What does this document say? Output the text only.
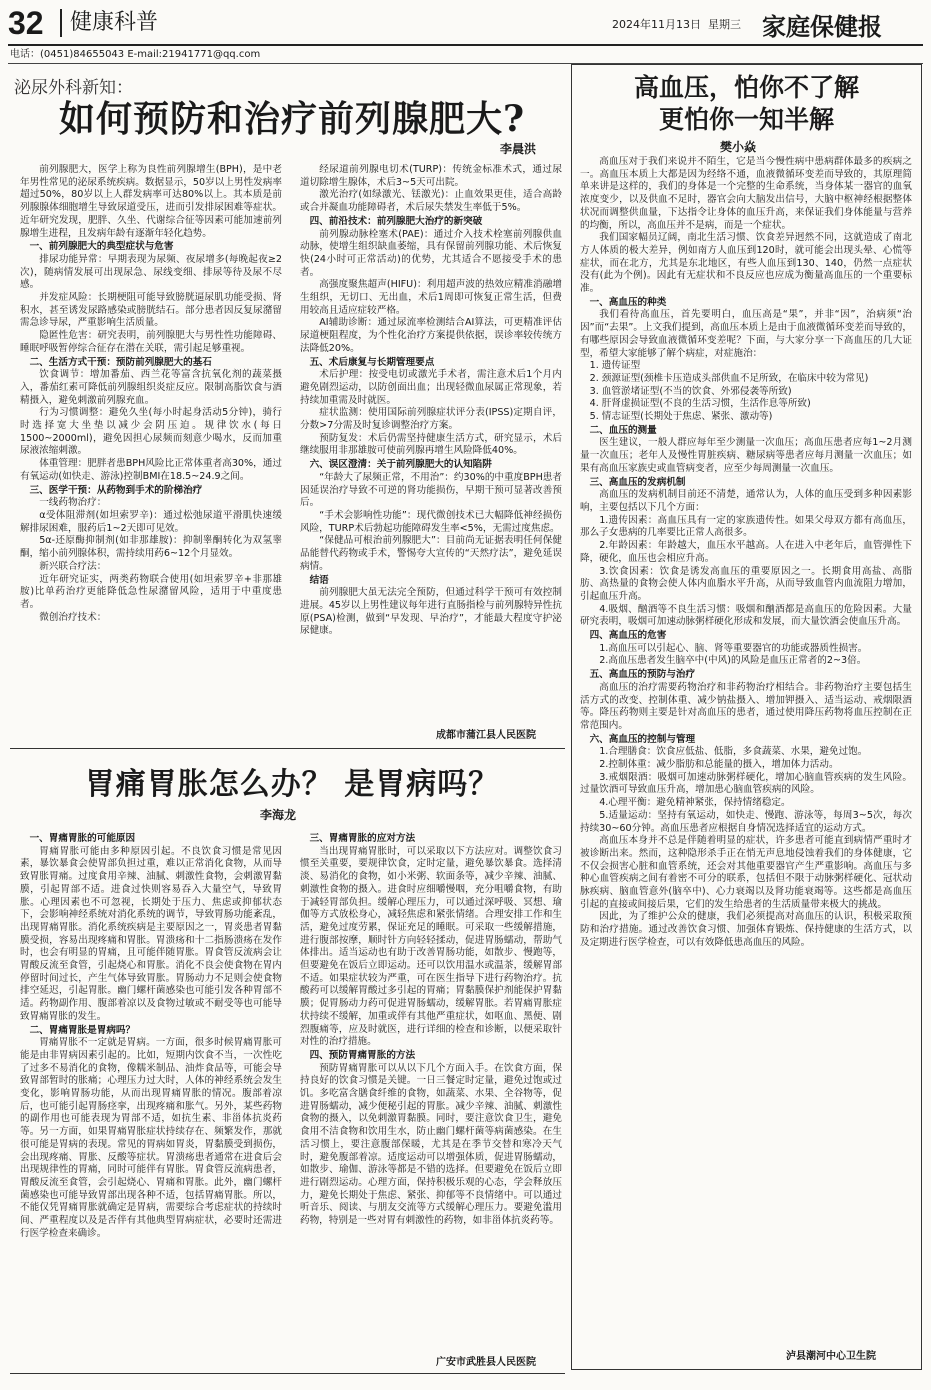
32 健康科普	2024年11月13日 星期三 家庭保健报
电话：(0451)84655043 E-mail:21941771@qq.com
泌尿外科新知：
如何预防和治疗前列腺肥大?
李晨洪

前列腺肥大，医学上称为良性前列腺增生(BPH)，是中老年男性常见的泌尿系统疾病。数据显示，50岁以上男性发病率超过50%，80岁以上人群发病率可达80%以上。其本质是前列腺腺体细胞增生导致尿道受压，进而引发排尿困难等症状。近年研究发现，肥胖、久坐、代谢综合征等因素可能加速前列腺增生进程，且发病年龄有逐渐年轻化趋势。

一、前列腺肥大的典型症状与危害

排尿功能异常：早期表现为尿频、夜尿增多(每晚起夜≥2次)，随病情发展可出现尿急、尿线变细、排尿等待及尿不尽感。

并发症风险：长期梗阻可能导致膀胱逼尿肌功能受损、肾积水，甚至诱发尿路感染或膀胱结石。部分患者因反复尿潴留需急诊导尿，严重影响生活质量。

隐匿性危害：研究表明，前列腺肥大与男性性功能障碍、睡眠呼吸暂停综合征存在潜在关联，需引起足够重视。

二、生活方式干预：预防前列腺肥大的基石

饮食调节：增加番茄、西兰花等富含抗氧化剂的蔬菜摄入，番茄红素可降低前列腺组织炎症反应。限制高脂饮食与酒精摄入，避免刺激前列腺充血。

行为习惯调整：避免久坐(每小时起身活动5分钟)，骑行时选择宽大坐垫以减少会阴压迫。规律饮水(每日1500~2000ml)，避免因担心尿频而刻意少喝水，反而加重尿液浓缩刺激。

体重管理：肥胖者患BPH风险比正常体重者高30%，通过有氧运动(如快走、游泳)控制BMI在18.5~24.9之间。

三、医学干预：从药物到手术的阶梯治疗

一线药物治疗：

α受体阻滞剂(如坦索罗辛)：通过松弛尿道平滑肌快速缓解排尿困难，服药后1~2天即可见效。

5α-还原酶抑制剂(如非那雄胺)：抑制睾酮转化为双氢睾酮，缩小前列腺体积，需持续用药6~12个月显效。

新兴联合疗法：

近年研究证实，两类药物联合使用(如坦索罗辛+非那雄胺)比单药治疗更能降低急性尿潴留风险，适用于中重度患者。

微创治疗技术：

经尿道前列腺电切术(TURP)：传统金标准术式，通过尿道切除增生腺体，术后3~5天可出院。

激光治疗(如绿激光、铥激光)：止血效果更佳，适合高龄或合并凝血功能障碍者，术后尿失禁发生率低于5%。

四、前沿技术：前列腺肥大治疗的新突破

前列腺动脉栓塞术(PAE)：通过介入技术栓塞前列腺供血动脉，使增生组织缺血萎缩，具有保留前列腺功能、术后恢复快(24小时可正常活动)的优势，尤其适合不愿接受手术的患者。

高强度聚焦超声(HIFU)：利用超声波的热效应精准消融增生组织，无切口、无出血，术后1周即可恢复正常生活，但费用较高且适应症较严格。

AI辅助诊断：通过尿流率检测结合AI算法，可更精准评估尿道梗阻程度，为个性化治疗方案提供依据，误诊率较传统方法降低20%。

五、术后康复与长期管理要点

术后护理：按受电切或激光手术者，需注意术后1个月内避免剧烈运动，以防创面出血；出现轻微血尿属正常现象，若持续加重需及时就医。

症状监测：使用国际前列腺症状评分表(IPSS)定期自评，分数>7分需及时复诊调整治疗方案。

预防复发：术后仍需坚持健康生活方式，研究显示，术后继续服用非那雄胺可使前列腺再增生风险降低40%。

六、误区澄清：关于前列腺肥大的认知陷阱

“年龄大了尿频正常，不用治”：约30%的中重度BPH患者因延误治疗导致不可逆的肾功能损伤，早期干预可显著改善预后。

“手术会影响性功能”：现代微创技术已大幅降低神经损伤风险，TURP术后勃起功能障碍发生率<5%，无需过度焦虑。

“保健品可根治前列腺肥大”：目前尚无证据表明任何保健品能替代药物或手术，警惕夸大宣传的“天然疗法”，避免延误病情。

结语

前列腺肥大虽无法完全预防，但通过科学干预可有效控制进展。45岁以上男性建议每年进行直肠指检与前列腺特异性抗原(PSA)检测，做到“早发现、早治疗”，才能最大程度守护泌尿健康。

成都市蒲江县人民医院
胃痛胃胀怎么办？ 是胃病吗？
李海龙

一、胃痛胃胀的可能原因

胃痛胃胀可能由多种原因引起。不良饮食习惯是常见因素，暴饮暴食会使胃部负担过重，难以正常消化食物，从而导致胃胀胃痛。过度食用辛辣、油腻、刺激性食物，会刺激胃黏膜，引起胃部不适。进食过快则容易吞入大量空气，导致胃胀。心理因素也不可忽视，长期处于压力、焦虑或抑郁状态下，会影响神经系统对消化系统的调节，导致胃肠功能紊乱，出现胃痛胃胀。消化系统疾病是主要原因之一，胃炎患者胃黏膜受损，容易出现疼痛和胃胀。胃溃疡和十二指肠溃疡在发作时，也会有明显的胃痛，且可能伴随胃胀。胃食管反流病会让胃酸反流至食管，引起烧心和胃胀。消化不良会使食物在胃内停留时间过长，产生气体导致胃胀。胃肠动力不足则会使食物排空延迟，引起胃胀。幽门螺杆菌感染也可能引发各种胃部不适。药物副作用、腹部着凉以及食物过敏或不耐受等也可能导致胃痛胃胀的发生。

二、胃痛胃胀是胃病吗？

胃痛胃胀不一定就是胃病。一方面，很多时候胃痛胃胀可能是由非胃病因素引起的。比如，短期内饮食不当，一次性吃了过多不易消化的食物，像糯米制品、油炸食品等，可能会导致胃部暂时的胀痛；心理压力过大时，人体的神经系统会发生变化，影响胃肠功能，从而出现胃痛胃胀的情况。腹部着凉后，也可能引起胃肠痉挛，出现疼痛和胀气。另外，某些药物的副作用也可能表现为胃部不适，如抗生素、非甾体抗炎药等。另一方面，如果胃痛胃胀症状持续存在、频繁发作，那就很可能是胃病的表现。常见的胃病如胃炎，胃黏膜受到损伤，会出现疼痛、胃胀、反酸等症状。胃溃疡患者通常在进食后会出现规律性的胃痛，同时可能伴有胃胀。胃食管反流病患者，胃酸反流至食管，会引起烧心、胃痛和胃胀。此外，幽门螺杆菌感染也可能导致胃部出现各种不适，包括胃痛胃胀。所以，不能仅凭胃痛胃胀就确定是胃病，需要综合考虑症状的持续时间、严重程度以及是否伴有其他典型胃病症状，必要时还需进行医学检查来确诊。

三、胃痛胃胀的应对方法

当出现胃痛胃胀时，可以采取以下方法应对。调整饮食习惯至关重要，要规律饮食，定时定量，避免暴饮暴食。选择清淡、易消化的食物，如小米粥、软面条等，减少辛辣、油腻、刺激性食物的摄入。进食时应细嚼慢咽，充分咀嚼食物，有助于减轻胃部负担。缓解心理压力，可以通过深呼吸、冥想、瑜伽等方式放松身心，减轻焦虑和紧张情绪。合理安排工作和生活，避免过度劳累，保证充足的睡眠。可采取一些缓解措施，进行腹部按摩，顺时针方向轻轻揉动，促进胃肠蠕动，帮助气体排出。适当运动也有助于改善胃肠功能，如散步、慢跑等，但要避免在饭后立即运动。还可以饮用温水或温茶，缓解胃部不适。如果症状较为严重，可在医生指导下进行药物治疗。抗酸药可以缓解胃酸过多引起的胃痛；胃黏膜保护剂能保护胃黏膜；促胃肠动力药可促进胃肠蠕动，缓解胃胀。若胃痛胃胀症状持续不缓解，加重或伴有其他严重症状，如呕血、黑便、剧烈腹痛等，应及时就医，进行详细的检查和诊断，以便采取针对性的治疗措施。

四、预防胃痛胃胀的方法

预防胃痛胃胀可以从以下几个方面入手。在饮食方面，保持良好的饮食习惯是关键。一日三餐定时定量，避免过饱或过饥。多吃富含膳食纤维的食物，如蔬菜、水果、全谷物等，促进胃肠蠕动，减少便秘引起的胃胀。减少辛辣、油腻、刺激性食物的摄入，以免刺激胃黏膜。同时，要注意饮食卫生，避免食用不洁食物和饮用生水，防止幽门螺杆菌等病菌感染。在生活习惯上，要注意腹部保暖，尤其是在季节交替和寒冷天气时，避免腹部着凉。适度运动可以增强体质，促进胃肠蠕动，如散步、瑜伽、游泳等都是不错的选择。但要避免在饭后立即进行剧烈运动。心理方面，保持积极乐观的心态，学会释放压力，避免长期处于焦虑、紧张、抑郁等不良情绪中。可以通过听音乐、阅读、与朋友交流等方式缓解心理压力。要避免滥用药物，特别是一些对胃有刺激性的药物，如非甾体抗炎药等。

广安市武胜县人民医院
高血压，怕你不了解
更怕你一知半解
樊小焱

高血压对于我们来说并不陌生，它是当今慢性病中患病群体最多的疾病之一。高血压本质上大都是因为经络不通，血液微循环变差而导致的，其原理简单来讲是这样的，我们的身体是一个完整的生命系统，当身体某一器官的血氧浓度变少，以及供血不足时，器官会向大脑发出信号，大脑中枢神经根据整体状况而调整供血量，下达指令让身体的血压升高，来保证我们身体能量与营养的均衡，所以，高血压并不是病，而是一个症状。

我们国家幅员辽阔，南北生活习惯、饮食差异迥然不同，这就造成了南北方人体质的极大差异，例如南方人血压到120时，就可能会出现头晕、心慌等症状，而在北方，尤其是东北地区，有些人血压到130、140，仍然一点症状没有(此为个例)。因此有无症状和不良反应也应成为衡量高血压的一个重要标准。

一、高血压的种类

我们看待高血压，首先要明白，血压高是“果”，并非“因”，治病须“治因”而“去果”。上文我们提到，高血压本质上是由于血液微循环变差而导致的，有哪些原因会导致血液微循环变差呢？下面，与大家分享一下高血压的几大证型，希望大家能够了解个病症，对症施治：

1. 遗传证型

2. 颈源证型(颈椎卡压造成头部供血不足所致，在临床中较为常见)

3. 血管淤堵证型(不当的饮食、外邪侵袭等所致)

4. 肝肾虚损证型(不良的生活习惯，生活作息等所致)

5. 情志证型(长期处于焦虑、紧张、激动等)

二、血压的测量

医生建议，一般人群应每年至少测量一次血压；高血压患者应每1~2月测量一次血压；老年人及慢性胃脏疾病、糖尿病等患者应每月测量一次血压；如果有高血压家族史或血管病变者，应至少每周测量一次血压。

三、高血压的发病机制

高血压的发病机制目前还不清楚，通常认为，人体的血压受到多种因素影响，主要包括以下几个方面：

1.遗传因素：高血压具有一定的家族遗传性。如果父母双方都有高血压，那么子女患病的几率要比正常人高很多。

2.年龄因素：年龄越大，血压水平越高。人在进入中老年后，血管弹性下降，硬化，血压也会相应升高。

3.饮食因素：饮食是诱发高血压的重要原因之一。长期食用高盐、高脂肪、高热量的食物会使人体内血脂水平升高，从而导致血管内血流阻力增加，引起血压升高。

4.吸烟、酗酒等不良生活习惯：吸烟和酗酒都是高血压的危险因素。大量研究表明，吸烟可加速动脉粥样硬化形成和发展，而大量饮酒会使血压升高。

四、高血压的危害

1.高血压可以引起心、脑、肾等重要器官的功能或器质性损害。

2.高血压患者发生脑卒中(中风)的风险是血压正常者的2~3倍。

五、高血压的预防与治疗

高血压的治疗需要药物治疗和非药物治疗相结合。非药物治疗主要包括生活方式的改变、控制体重、减少钠盐摄入、增加钾摄入、适当运动、戒烟限酒等。降压药物则主要是针对高血压的患者，通过使用降压药物将血压控制在正常范围内。

六、高血压的控制与管理

1.合理膳食：饮食应低盐、低脂，多食蔬菜、水果，避免过饱。

2.控制体重：减少脂肪和总能量的摄入，增加体力活动。

3.戒烟限酒：吸烟可加速动脉粥样硬化，增加心脑血管疾病的发生风险。过量饮酒可导致血压升高，增加患心脑血管疾病的风险。

4.心理平衡：避免精神紧张，保持情绪稳定。

5.适量运动：坚持有氧运动，如快走、慢跑、游泳等，每周3~5次，每次持续30~60分钟。高血压患者应根据自身情况选择适宜的运动方式。

高血压本身并不总是伴随着明显的症状，许多患者可能直到病情严重时才被诊断出来。然而，这种隐形杀手正在悄无声息地侵蚀着我们的身体健康，它不仅会损害心脏和血管系统，还会对其他重要器官产生严重影响。高血压与多种心血管疾病之间有着密不可分的联系，包括但不限于动脉粥样硬化、冠状动脉疾病、脑血管意外(脑卒中)、心力衰竭以及肾功能衰竭等。这些都是高血压引起的直接或间接后果，它们的发生给患者的生活质量带来极大的挑战。

因此，为了维护公众的健康，我们必须提高对高血压的认识，积极采取预防和治疗措施。通过改善饮食习惯、加强体育锻炼、保持健康的生活方式，以及定期进行医学检查，可以有效降低患高血压的风险。

泸县潮河中心卫生院
